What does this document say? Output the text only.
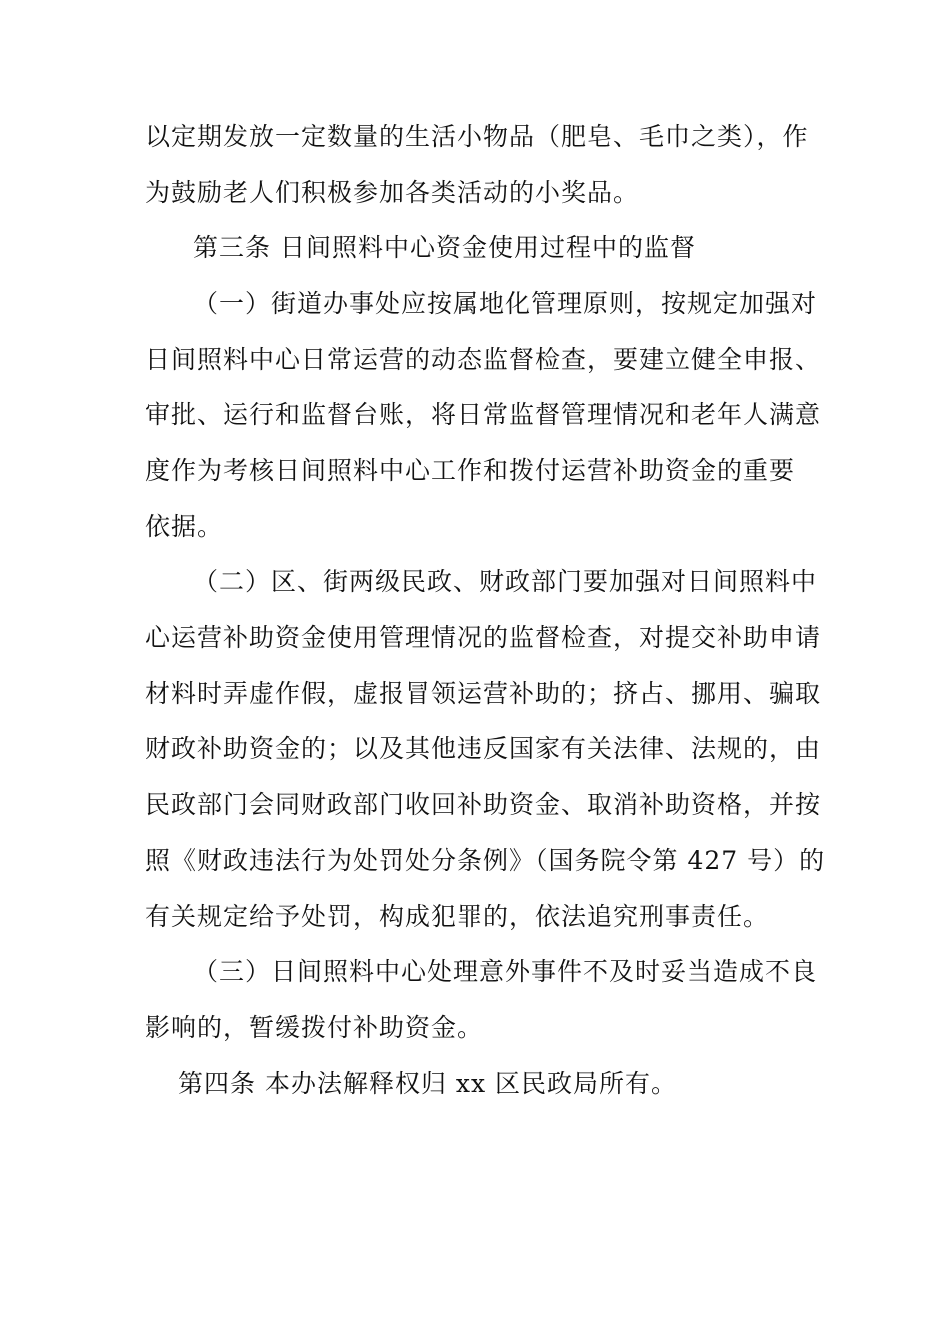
以定期发放一定数量的生活小物品（肥皂、毛巾之类），作
为鼓励老人们积极参加各类活动的小奖品。
第三条 日间照料中心资金使用过程中的监督
（一）街道办事处应按属地化管理原则，按规定加强对
日间照料中心日常运营的动态监督检查，要建立健全申报、
审批、运行和监督台账，将日常监督管理情况和老年人满意
度作为考核日间照料中心工作和拨付运营补助资金的重要
依据。
（二）区、街两级民政、财政部门要加强对日间照料中
心运营补助资金使用管理情况的监督检查，对提交补助申请
材料时弄虚作假，虚报冒领运营补助的；挤占、挪用、骗取
财政补助资金的；以及其他违反国家有关法律、法规的，由
民政部门会同财政部门收回补助资金、取消补助资格，并按
照《财政违法行为处罚处分条例》（国务院令第 427 号）的
有关规定给予处罚，构成犯罪的，依法追究刑事责任。
（三）日间照料中心处理意外事件不及时妥当造成不良
影响的，暂缓拨付补助资金。
第四条 本办法解释权归 xx 区民政局所有。
